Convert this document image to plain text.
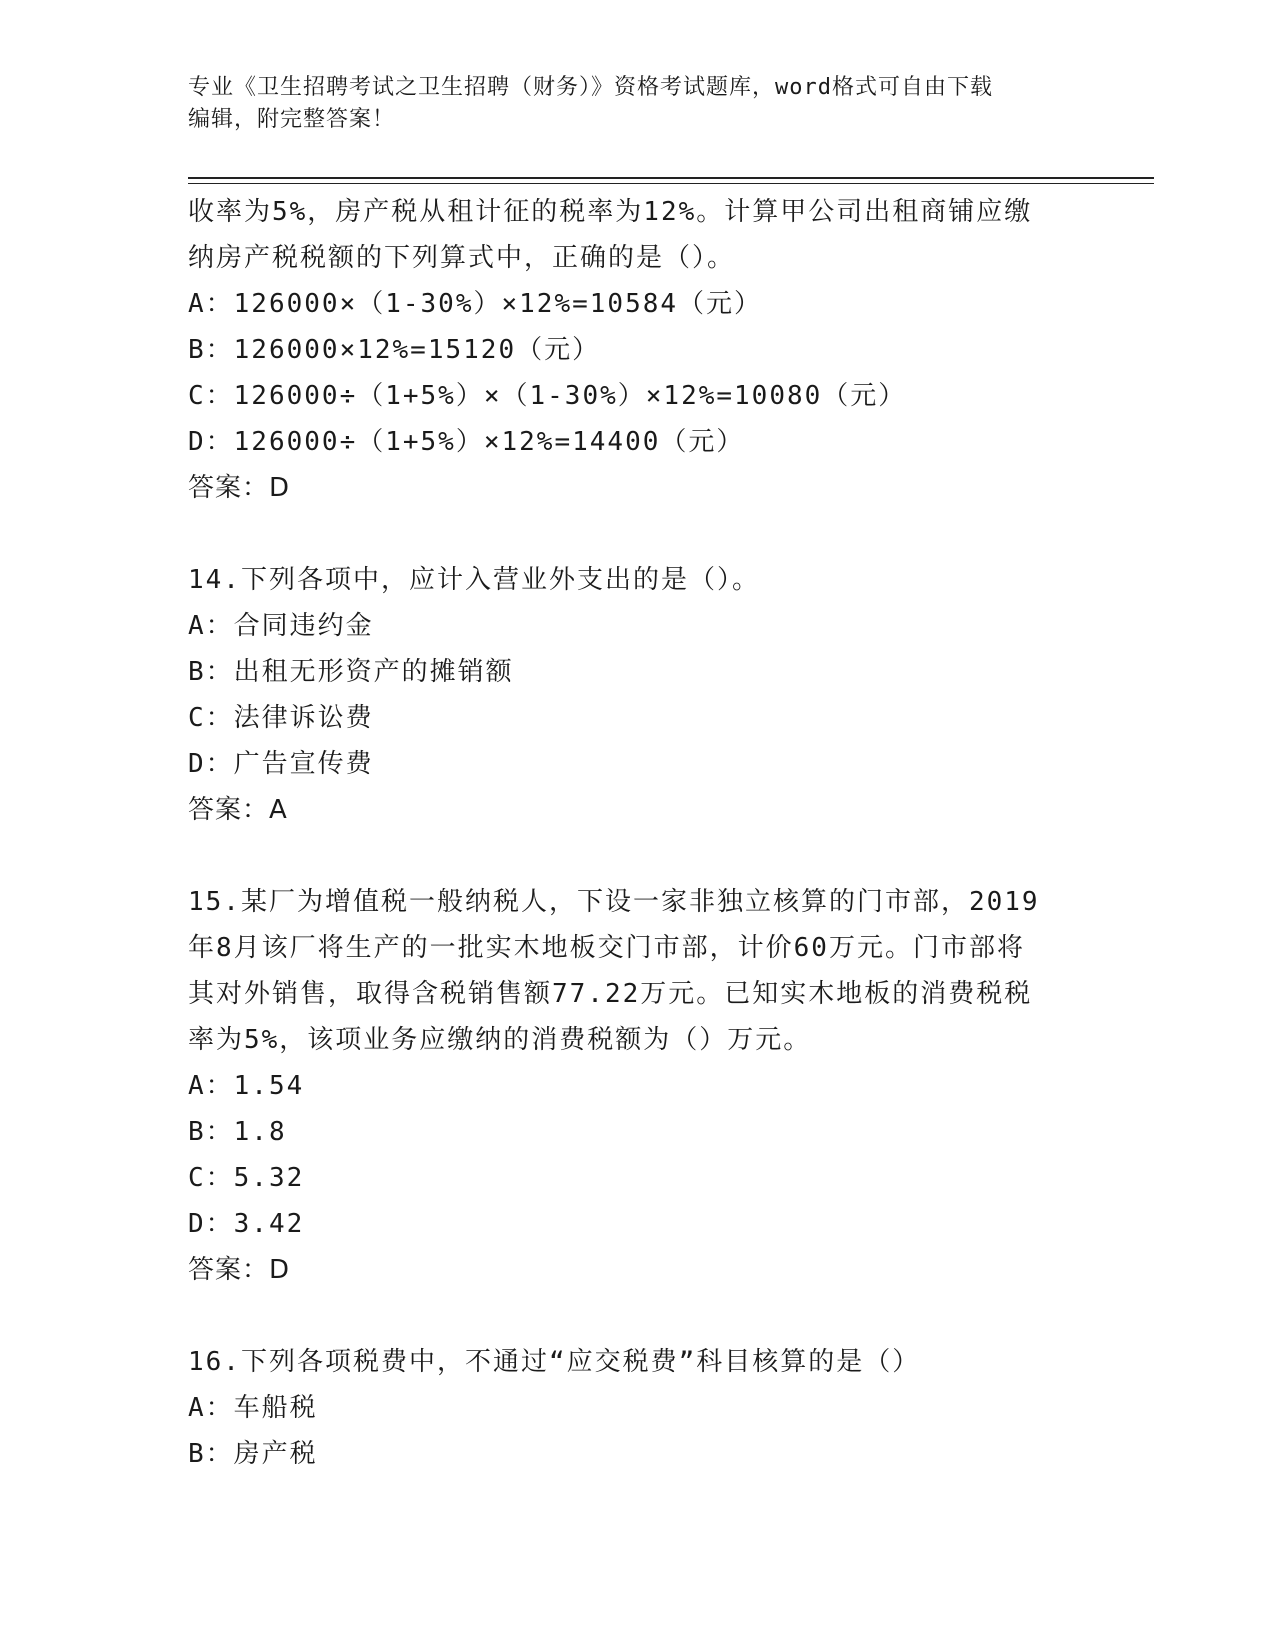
专业《卫生招聘考试之卫生招聘（财务）》资格考试题库，word格式可自由下载
编辑，附完整答案！
收率为5%，房产税从租计征的税率为12%。计算甲公司出租商铺应缴
纳房产税税额的下列算式中，正确的是（）。
A：126000×（1-30%）×12%=10584（元）
B：126000×12%=15120（元）
C：126000÷（1+5%）×（1-30%）×12%=10080（元）
D：126000÷（1+5%）×12%=14400（元）
答案：D
14.下列各项中，应计入营业外支出的是（）。
A：合同违约金
B：出租无形资产的摊销额
C：法律诉讼费
D：广告宣传费
答案：A
15.某厂为增值税一般纳税人，下设一家非独立核算的门市部，2019
年8月该厂将生产的一批实木地板交门市部，计价60万元。门市部将
其对外销售，取得含税销售额77.22万元。已知实木地板的消费税税
率为5%，该项业务应缴纳的消费税额为（）万元。
A：1.54
B：1.8
C：5.32
D：3.42
答案：D
16.下列各项税费中，不通过“应交税费”科目核算的是（）
A：车船税
B：房产税
